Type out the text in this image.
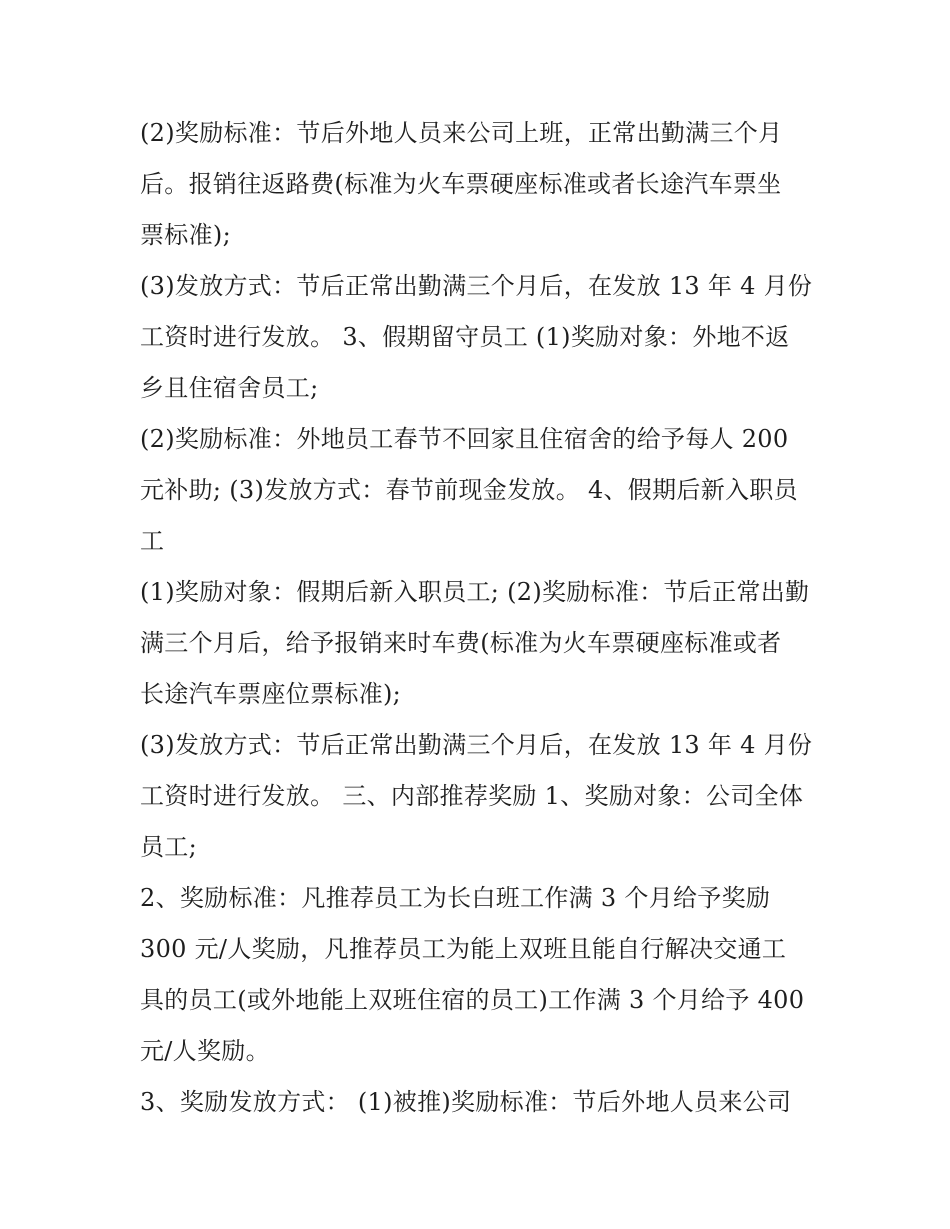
(2)奖励标准：节后外地人员来公司上班，正常出勤满三个月
后。报销往返路费(标准为火车票硬座标准或者长途汽车票坐
票标准);
(3)发放方式：节后正常出勤满三个月后，在发放 13 年 4 月份
工资时进行发放。 3、假期留守员工 (1)奖励对象：外地不返
乡且住宿舍员工;
(2)奖励标准：外地员工春节不回家且住宿舍的给予每人 200
元补助; (3)发放方式：春节前现金发放。 4、假期后新入职员
工
(1)奖励对象：假期后新入职员工; (2)奖励标准：节后正常出勤
满三个月后，给予报销来时车费(标准为火车票硬座标准或者
长途汽车票座位票标准);
(3)发放方式：节后正常出勤满三个月后，在发放 13 年 4 月份
工资时进行发放。 三、内部推荐奖励 1、奖励对象：公司全体
员工;
2、奖励标准：凡推荐员工为长白班工作满 3 个月给予奖励
300 元/人奖励，凡推荐员工为能上双班且能自行解决交通工
具的员工(或外地能上双班住宿的员工)工作满 3 个月给予 400
元/人奖励。
3、奖励发放方式： (1)被推)奖励标准：节后外地人员来公司
